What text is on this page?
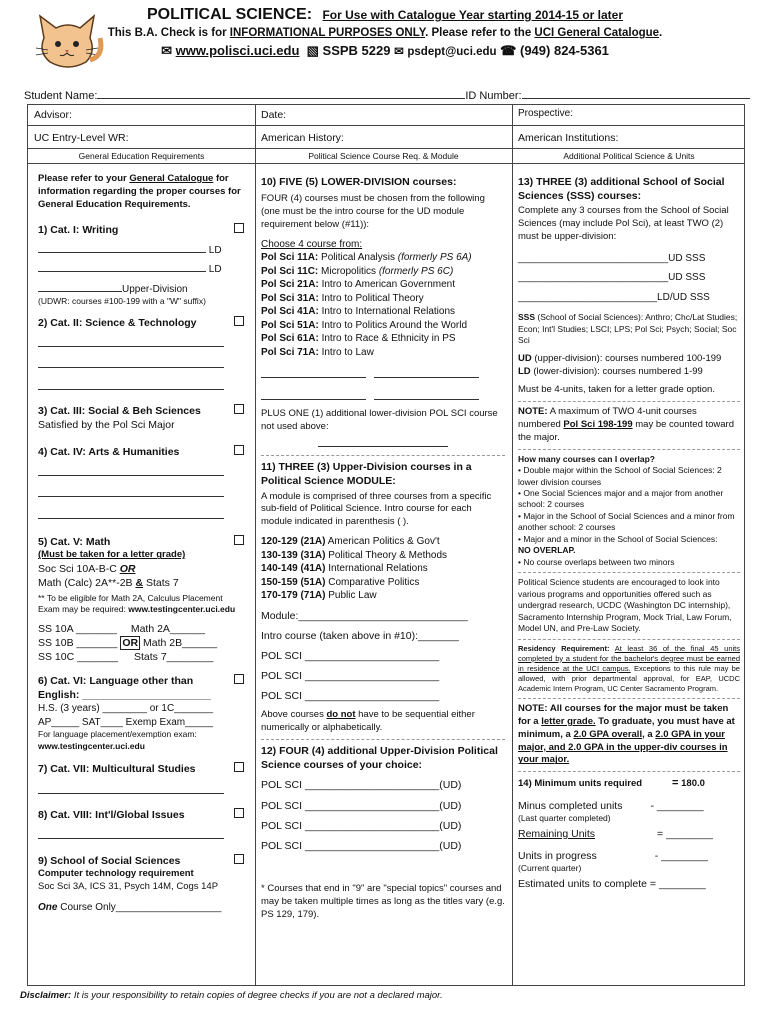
POLITICAL SCIENCE: For Use with Catalogue Year starting 2014-15 or later
This B.A. Check is for INFORMATIONAL PURPOSES ONLY. Please refer to the UCI General Catalogue.
✉ www.polisci.uci.edu ▧ SSPB 5229 ✉ psdept@uci.edu ☎ (949) 824-5361
Student Name:	ID Number:
Advisor:	Date:	Prospective:
UC Entry-Level WR:	American History:	American Institutions:
General Education Requirements	Political Science Course Req. & Module	Additional Political Science & Units

Please refer to your General Catalogue for information regarding the proper courses for General Education Requirements.

1) Cat. I: Writing

LD

LD

Upper-Division

(UDWR: courses #100-199 with a "W" suffix)

2) Cat. II: Science & Technology

3) Cat. III: Social & Beh Sciences

Satisfied by the Pol Sci Major

4) Cat. IV: Arts & Humanities

5) Cat. V: Math

(Must be taken for a letter grade)

Soc Sci 10A-B-C OR

Math (Calc) 2A**-2B & Stats 7

** To be eligible for Math 2A, Calculus Placement

Exam may be required: www.testingcenter.uci.edu

SS 10A _______ Math 2A______

SS 10B _______ OR Math 2B______

SS 10C _______ Stats 7________

6) Cat. VI: Language other than

English: ______________________

H.S. (3 years) ________ or 1C_______

AP_____ SAT____ Exemp Exam_____

For language placement/exemption exam:

www.testingcenter.uci.edu

7) Cat. VII: Multicultural Studies

8) Cat. VIII: Int'l/Global Issues

9) School of Social Sciences

Computer technology requirement

Soc Sci 3A, ICS 31, Psych 14M, Cogs 14P

One Course Only___________________

10) FIVE (5) LOWER-DIVISION courses:

FOUR (4) courses must be chosen from the following (one must be the intro course for the UD module requirement below (#11)):

Choose 4 course from:

Pol Sci 11A: Political Analysis (formerly PS 6A)

Pol Sci 11C: Micropolitics (formerly PS 6C)

Pol Sci 21A: Intro to American Government

Pol Sci 31A: Intro to Political Theory

Pol Sci 41A: Intro to International Relations

Pol Sci 51A: Intro to Politics Around the World

Pol Sci 61A: Intro to Race & Ethnicity in PS

Pol Sci 71A: Intro to Law

PLUS ONE (1) additional lower-division POL SCI course not used above:

11) THREE (3) Upper-Division courses in a Political Science MODULE:

A module is comprised of three courses from a specific sub-field of Political Science. Intro course for each module indicated in parenthesis ( ).

120-129 (21A) American Politics & Gov't

130-139 (31A) Political Theory & Methods

140-149 (41A) International Relations

150-159 (51A) Comparative Politics

170-179 (71A) Public Law

Module:_____________________________

Intro course (taken above in #10):_______

POL SCI _______________________

POL SCI _______________________

POL SCI _______________________

Above courses do not have to be sequential either numerically or alphabetically.

12) FOUR (4) additional Upper-Division Political Science courses of your choice:

POL SCI _______________________(UD)

POL SCI _______________________(UD)

POL SCI _______________________(UD)

POL SCI _______________________(UD)

* Courses that end in "9" are "special topics" courses and may be taken multiple times as long as the titles vary (e.g. PS 129, 179).

13) THREE (3) additional School of Social Sciences (SSS) courses:

Complete any 3 courses from the School of Social Sciences (may include Pol Sci), at least TWO (2) must be upper-division:

___________________________UD SSS

___________________________UD SSS

_________________________LD/UD SSS

SSS (School of Social Sciences): Anthro; Chc/Lat Studies; Econ; Int'l Studies; LSCI; LPS; Pol Sci; Psych; Social; Soc Sci

UD (upper-division): courses numbered 100-199

LD (lower-division): courses numbered 1-99

Must be 4-units, taken for a letter grade option.

NOTE: A maximum of TWO 4-unit courses numbered Pol Sci 198-199 may be counted toward the major.

How many courses can I overlap?

• Double major within the School of Social Sciences: 2 lower division courses

• One Social Sciences major and a major from another school: 2 courses

• Major in the School of Social Sciences and a minor from another school: 2 courses

• Major and a minor in the School of Social Sciences:

NO OVERLAP.

• No course overlaps between two minors

Political Science students are encouraged to look into various programs and opportunities offered such as undergrad research, UCDC (Washington DC internship), Sacramento Internship Program, Mock Trial, Law Forum, Model UN, and Pre-Law Society.

Residency Requirement: At least 36 of the final 45 units completed by a student for the bachelor's degree must be earned in residence at the UCI campus. Exceptions to this rule may be allowed, with prior departmental approval, for EAP, UCDC Academic Intern Program, UC Center Sacramento Program.

NOTE: All courses for the major must be taken for a letter grade. To graduate, you must have at minimum, a 2.0 GPA overall, a 2.0 GPA in your major, and 2.0 GPA in the upper-div courses in your major.

14) Minimum units required	= 180.0

Minus completed units	- ________

(Last quarter completed)

Remaining Units	= ________

Units in progress	- ________

(Current quarter)

Estimated units to complete = ________

Disclaimer: It is your responsibility to retain copies of degree checks if you are not a declared major.
